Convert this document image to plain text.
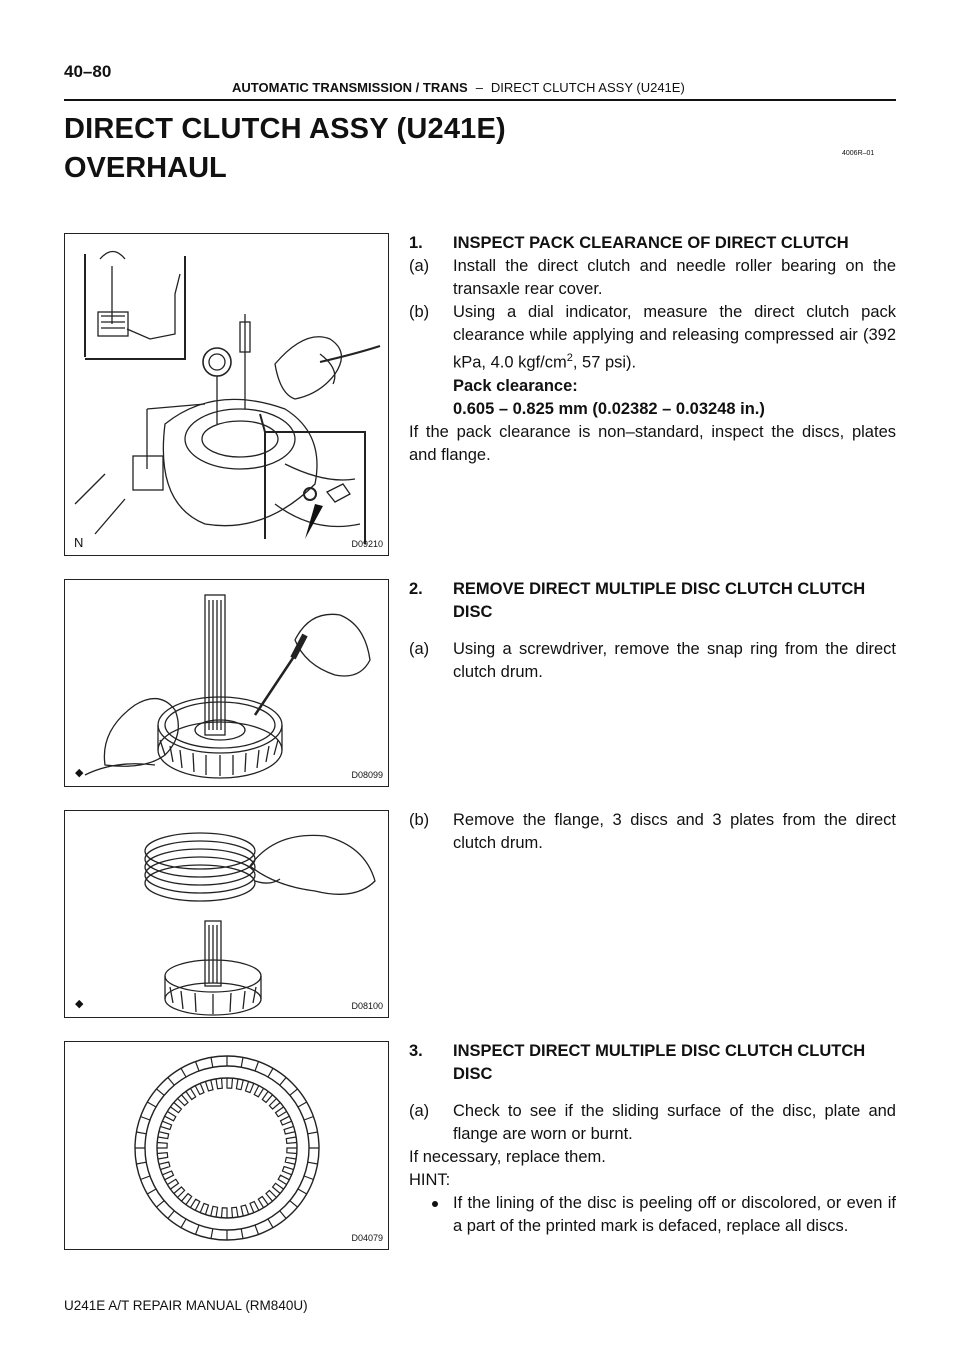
40–80
AUTOMATIC TRANSMISSION / TRANS – DIRECT CLUTCH ASSY (U241E)
DIRECT CLUTCH ASSY (U241E)
OVERHAUL	4006R–01
N	D09210
◆	D08099
◆	D08100
D04079
1. INSPECT PACK CLEARANCE OF DIRECT CLUTCH
(a) Install the direct clutch and needle roller bearing on the transaxle rear cover.
(b) Using a dial indicator, measure the direct clutch pack clearance while applying and releasing compressed air (392 kPa, 4.0 kgf/$cm^2$, 57 psi).
Pack clearance:
0.605 – 0.825 mm (0.02382 – 0.03248 in.)
If the pack clearance is non–standard, inspect the discs, plates and flange.
2. REMOVE DIRECT MULTIPLE DISC CLUTCH CLUTCH DISC
(a) Using a screwdriver, remove the snap ring from the direct clutch drum.
(b) Remove the flange, 3 discs and 3 plates from the direct clutch drum.
3. INSPECT DIRECT MULTIPLE DISC CLUTCH CLUTCH DISC
(a) Check to see if the sliding surface of the disc, plate and flange are worn or burnt.
If necessary, replace them.
HINT:
If the lining of the disc is peeling off or discolored, or even if a part of the printed mark is defaced, replace all discs.
U241E A/T REPAIR MANUAL (RM840U)
